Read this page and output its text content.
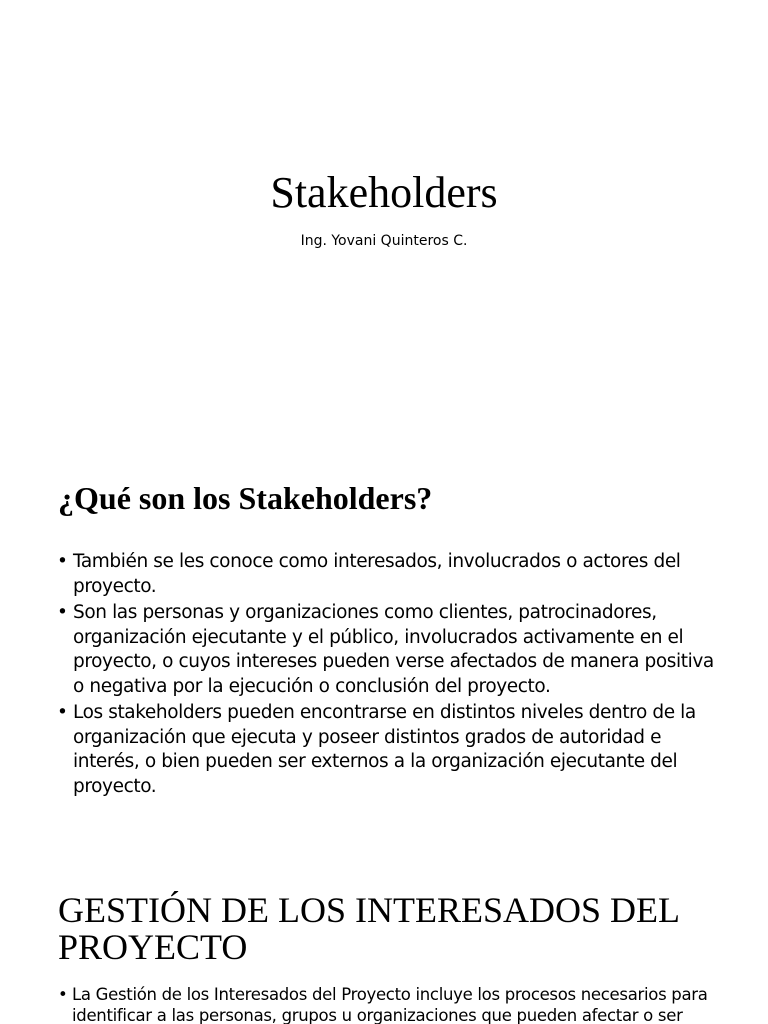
Stakeholders
Ing. Yovani Quinteros C.
¿Qué son los Stakeholders?
• También se les conoce como interesados, involucrados o actores del proyecto.
• Son las personas y organizaciones como clientes, patrocinadores, organización ejecutante y el público, involucrados activamente en el proyecto, o cuyos intereses pueden verse afectados de manera positiva o negativa por la ejecución o conclusión del proyecto.
• Los stakeholders pueden encontrarse en distintos niveles dentro de la organización que ejecuta y poseer distintos grados de autoridad e interés, o bien pueden ser externos a la organización ejecutante del proyecto.
GESTIÓN DE LOS INTERESADOS DEL PROYECTO
• La Gestión de los Interesados del Proyecto incluye los procesos necesarios para identificar a las personas, grupos u organizaciones que pueden afectar o ser
